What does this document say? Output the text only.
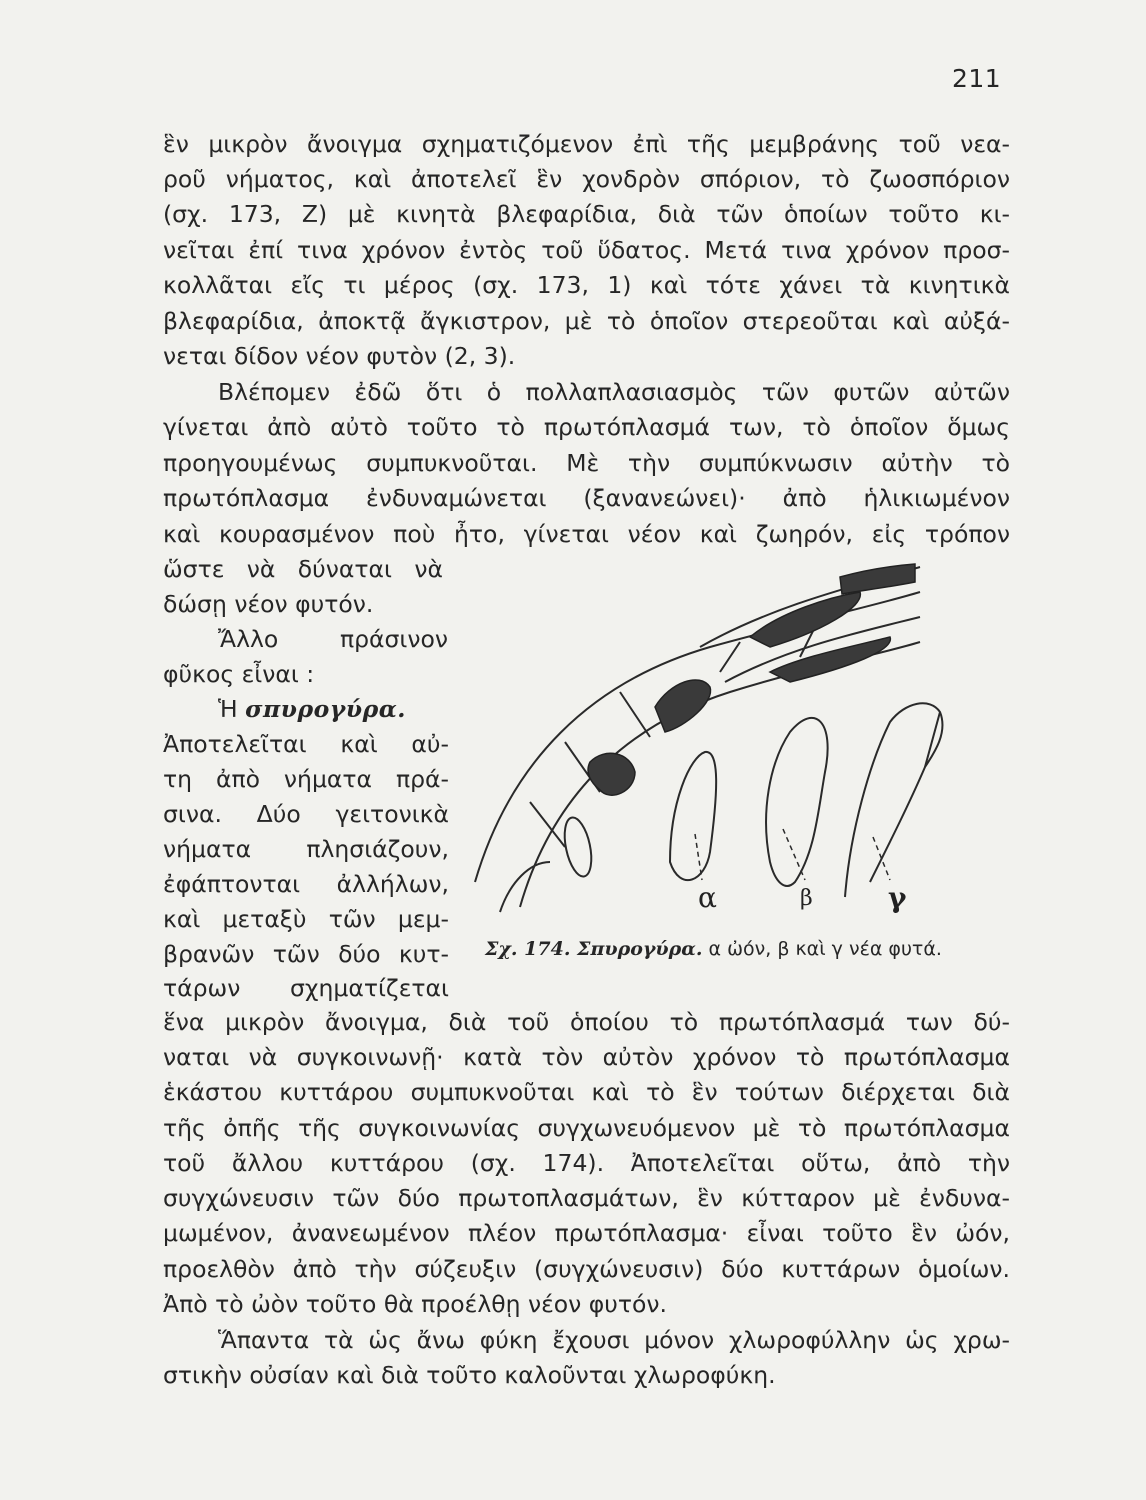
211
ἓν μικρὸν ἄνοιγμα σχηματιζόμενον ἐπὶ τῆς μεμβράνης τοῦ νεα-
ροῦ νήματος, καὶ ἀποτελεῖ ἓν χονδρὸν σπόριον, τὸ ζωοσπόριον
(σχ. 173, Ζ) μὲ κινητὰ βλεφαρίδια, διὰ τῶν ὁποίων τοῦτο κι-
νεῖται ἐπί τινα χρόνον ἐντὸς τοῦ ὕδατος. Μετά τινα χρόνον προσ-
κολλᾶται εἴς τι μέρος (σχ. 173, 1) καὶ τότε χάνει τὰ κινητικὰ
βλεφαρίδια, ἀποκτᾷ ἄγκιστρον, μὲ τὸ ὁποῖον στερεοῦται καὶ αὐξά-
νεται δίδον νέον φυτὸν (2, 3).
Βλέπομεν ἐδῶ ὅτι ὁ πολλαπλασιασμὸς τῶν φυτῶν αὐτῶν
γίνεται ἀπὸ αὐτὸ τοῦτο τὸ πρωτόπλασμά των, τὸ ὁποῖον ὅμως
προηγουμένως συμπυκνοῦται. Μὲ τὴν συμπύκνωσιν αὐτὴν τὸ
πρωτόπλασμα ἐνδυναμώνεται (ξανανεώνει)· ἀπὸ ἡλικιωμένον
καὶ κουρασμένον ποὺ ἦτο, γίνεται νέον καὶ ζωηρόν, εἰς τρόπον
ὥστε νὰ δύναται νὰ
δώσῃ νέον φυτόν.
Ἄλλο πράσινον
φῦκος εἶναι :
Ἡ σπυρογύρα.
Ἀποτελεῖται καὶ αὐ-
τη ἀπὸ νήματα πρά-
σινα. Δύο γειτονικὰ
νήματα πλησιάζουν,
ἐφάπτονται ἀλλήλων,
καὶ μεταξὺ τῶν μεμ-
βρανῶν τῶν δύο κυτ-
τάρων σχηματίζεται
ἕνα μικρὸν ἄνοιγμα, διὰ τοῦ ὁποίου τὸ πρωτόπλασμά των δύ-
ναται νὰ συγκοινωνῇ· κατὰ τὸν αὐτὸν χρόνον τὸ πρωτόπλασμα
ἑκάστου κυττάρου συμπυκνοῦται καὶ τὸ ἓν τούτων διέρχεται διὰ
τῆς ὀπῆς τῆς συγκοινωνίας συγχωνευόμενον μὲ τὸ πρωτόπλασμα
τοῦ ἄλλου κυττάρου (σχ. 174). Ἀποτελεῖται οὕτω, ἀπὸ τὴν
συγχώνευσιν τῶν δύο πρωτοπλασμάτων, ἓν κύτταρον μὲ ἐνδυνα-
μωμένον, ἀνανεωμένον πλέον πρωτόπλασμα· εἶναι τοῦτο ἓν ὠόν,
προελθὸν ἀπὸ τὴν σύζευξιν (συγχώνευσιν) δύο κυττάρων ὁμοίων.
Ἀπὸ τὸ ὠὸν τοῦτο θὰ προέλθῃ νέον φυτόν.
Ἅπαντα τὰ ὡς ἄνω φύκη ἔχουσι μόνον χλωροφύλλην ὡς χρω-
στικὴν οὐσίαν καὶ διὰ τοῦτο καλοῦνται χλωροφύκη.
α	β	γ
Σχ. 174. Σπυρογύρα. α ὠόν, β καὶ γ νέα φυτά.
